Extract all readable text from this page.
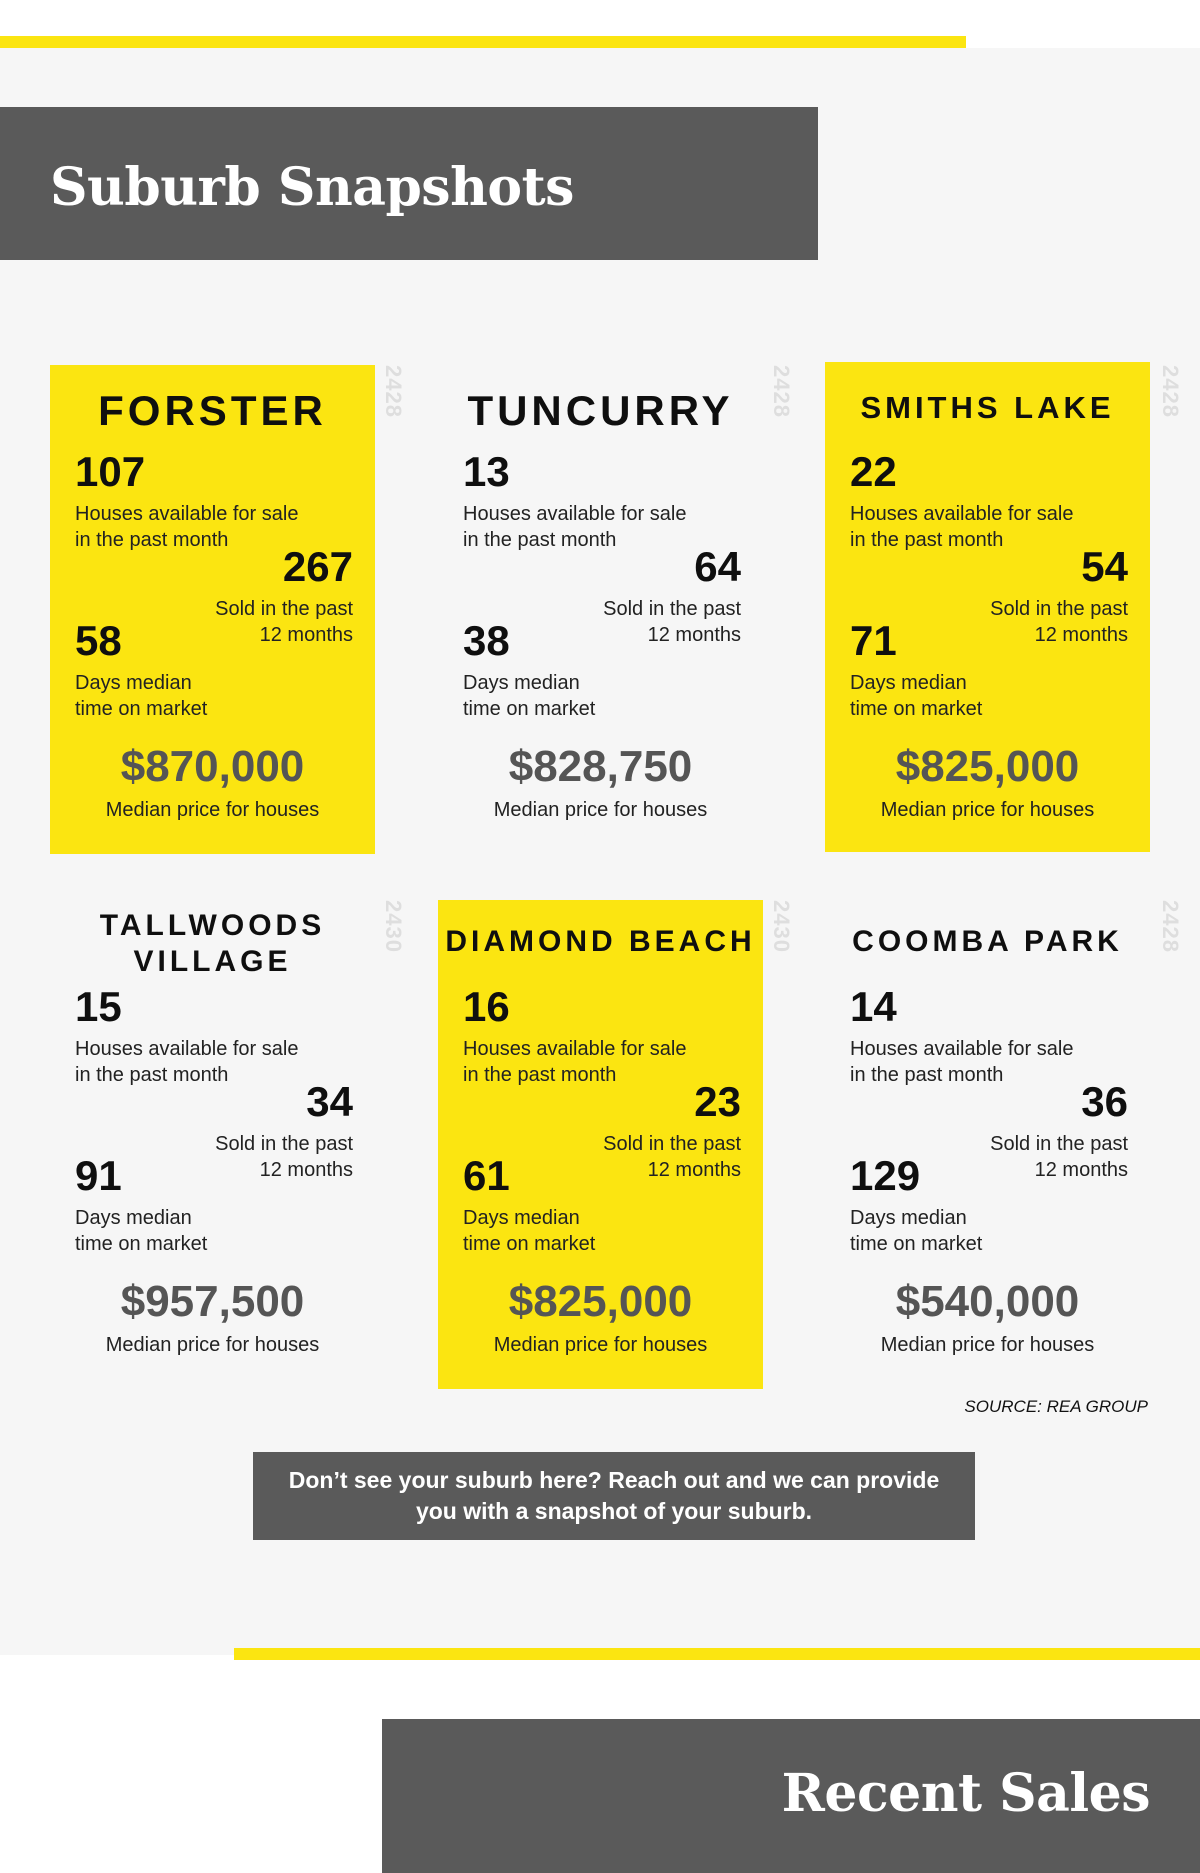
Suburb Snapshots
FORSTER
107
Houses available for sale
in the past month
267
Sold in the past
12 months
58
Days median
time on market
$870,000
Median price for houses
2428	TUNCURRY
13
Houses available for sale
in the past month
64
Sold in the past
12 months
38
Days median
time on market
$828,750
Median price for houses
2428	SMITHS LAKE
22
Houses available for sale
in the past month
54
Sold in the past
12 months
71
Days median
time on market
$825,000
Median price for houses
2428
TALLWOODS
VILLAGE
15
Houses available for sale
in the past month
34
Sold in the past
12 months
91
Days median
time on market
$957,500
Median price for houses
2430 DIAMOND BEACH
16
Houses available for sale
in the past month
23
Sold in the past
12 months
61
Days median
time on market
$825,000
Median price for houses
2430	COOMBA PARK
14
Houses available for sale
in the past month
36
Sold in the past
12 months
129
Days median
time on market
$540,000
Median price for houses
2428
SOURCE: REA GROUP
Don’t see your suburb here? Reach out and we can provide you with a snapshot of your suburb.
Recent Sales
